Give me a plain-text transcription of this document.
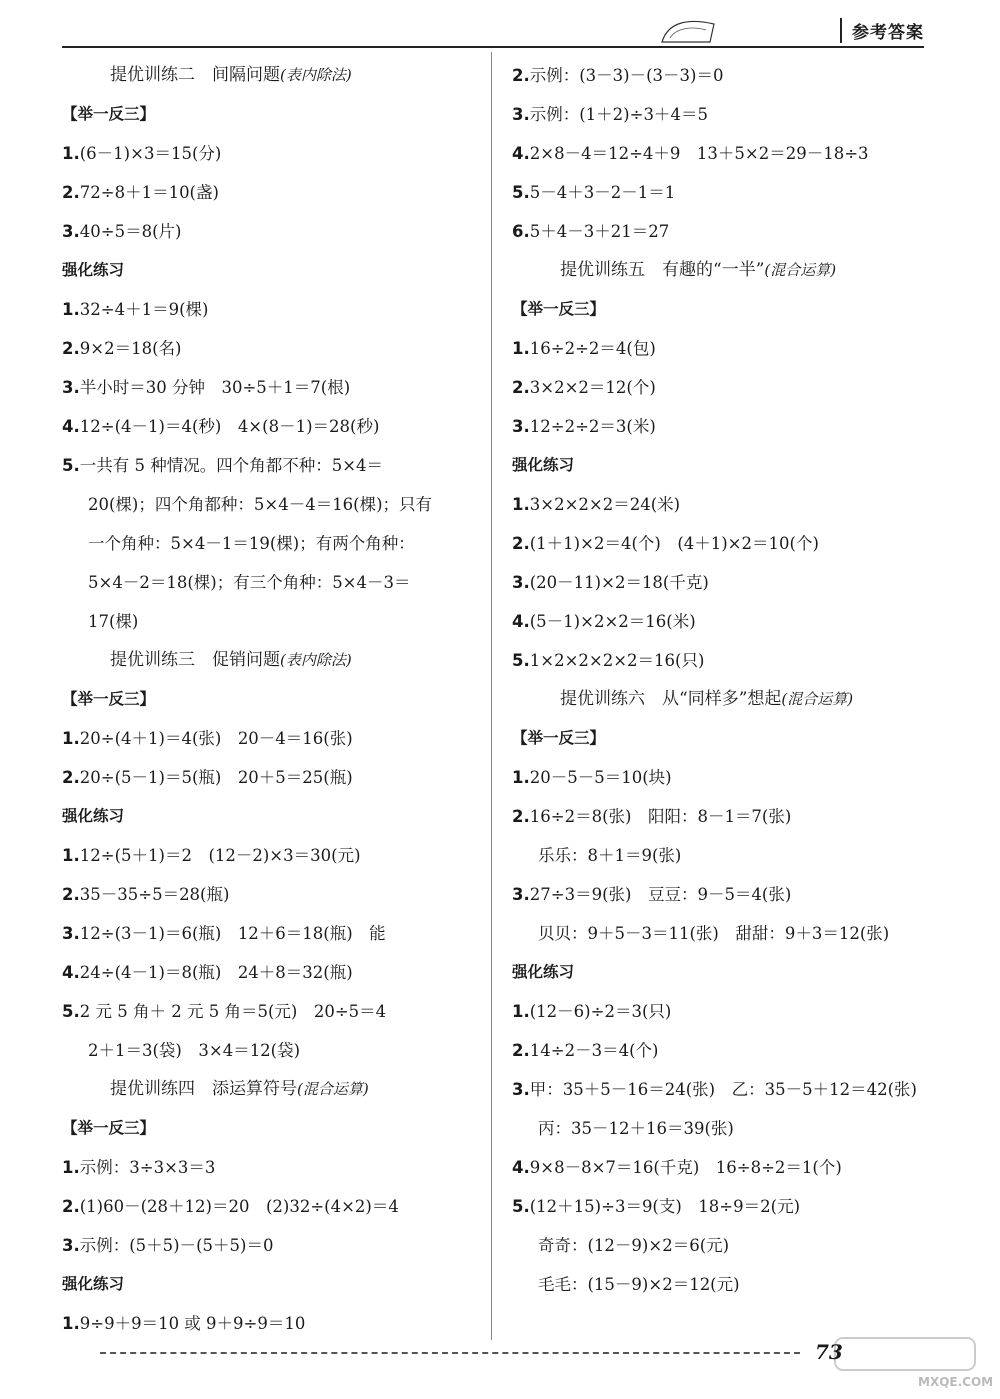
参考答案
提优训练二　间隔问题(表内除法)
【举一反三】
1.(6－1)×3＝15(分)
2.72÷8＋1＝10(盏)
3.40÷5＝8(片)
强化练习
1.32÷4＋1＝9(棵)
2.9×2＝18(名)
3.半小时＝30 分钟　30÷5＋1＝7(根)
4.12÷(4－1)＝4(秒)　4×(8－1)＝28(秒)
5.一共有 5 种情况。四个角都不种：5×4＝
20(棵)；四个角都种：5×4－4＝16(棵)；只有
一个角种：5×4－1＝19(棵)；有两个角种：
5×4－2＝18(棵)；有三个角种：5×4－3＝
17(棵)
提优训练三　促销问题(表内除法)
【举一反三】
1.20÷(4＋1)＝4(张)　20－4＝16(张)
2.20÷(5－1)＝5(瓶)　20＋5＝25(瓶)
强化练习
1.12÷(5＋1)＝2　(12－2)×3＝30(元)
2.35－35÷5＝28(瓶)
3.12÷(3－1)＝6(瓶)　12＋6＝18(瓶)　能
4.24÷(4－1)＝8(瓶)　24＋8＝32(瓶)
5.2 元 5 角＋ 2 元 5 角＝5(元)　20÷5＝4
2＋1＝3(袋)　3×4＝12(袋)
提优训练四　添运算符号(混合运算)
【举一反三】
1.示例：3÷3×3＝3
2.(1)60－(28＋12)＝20　(2)32÷(4×2)＝4
3.示例：(5＋5)－(5＋5)＝0
强化练习
1.9÷9＋9＝10 或 9＋9÷9＝10
2.示例：(3－3)－(3－3)＝0
3.示例：(1＋2)÷3＋4＝5
4.2×8－4＝12÷4＋9　13＋5×2＝29－18÷3
5.5－4＋3－2－1＝1
6.5＋4－3＋21＝27
提优训练五　有趣的“一半”(混合运算)
【举一反三】
1.16÷2÷2＝4(包)
2.3×2×2＝12(个)
3.12÷2÷2＝3(米)
强化练习
1.3×2×2×2＝24(米)
2.(1＋1)×2＝4(个)　(4＋1)×2＝10(个)
3.(20－11)×2＝18(千克)
4.(5－1)×2×2＝16(米)
5.1×2×2×2×2＝16(只)
提优训练六　从“同样多”想起(混合运算)
【举一反三】
1.20－5－5＝10(块)
2.16÷2＝8(张)　阳阳：8－1＝7(张)
乐乐：8＋1＝9(张)
3.27÷3＝9(张)　豆豆：9－5＝4(张)
贝贝：9＋5－3＝11(张)　甜甜：9＋3＝12(张)
强化练习
1.(12－6)÷2＝3(只)
2.14÷2－3＝4(个)
3.甲：35＋5－16＝24(张)　乙：35－5＋12＝42(张)
丙：35－12＋16＝39(张)
4.9×8－8×7＝16(千克)　16÷8÷2＝1(个)
5.(12＋15)÷3＝9(支)　18÷9＝2(元)
奇奇：(12－9)×2＝6(元)
毛毛：(15－9)×2＝12(元)
73
MXQE.COM
